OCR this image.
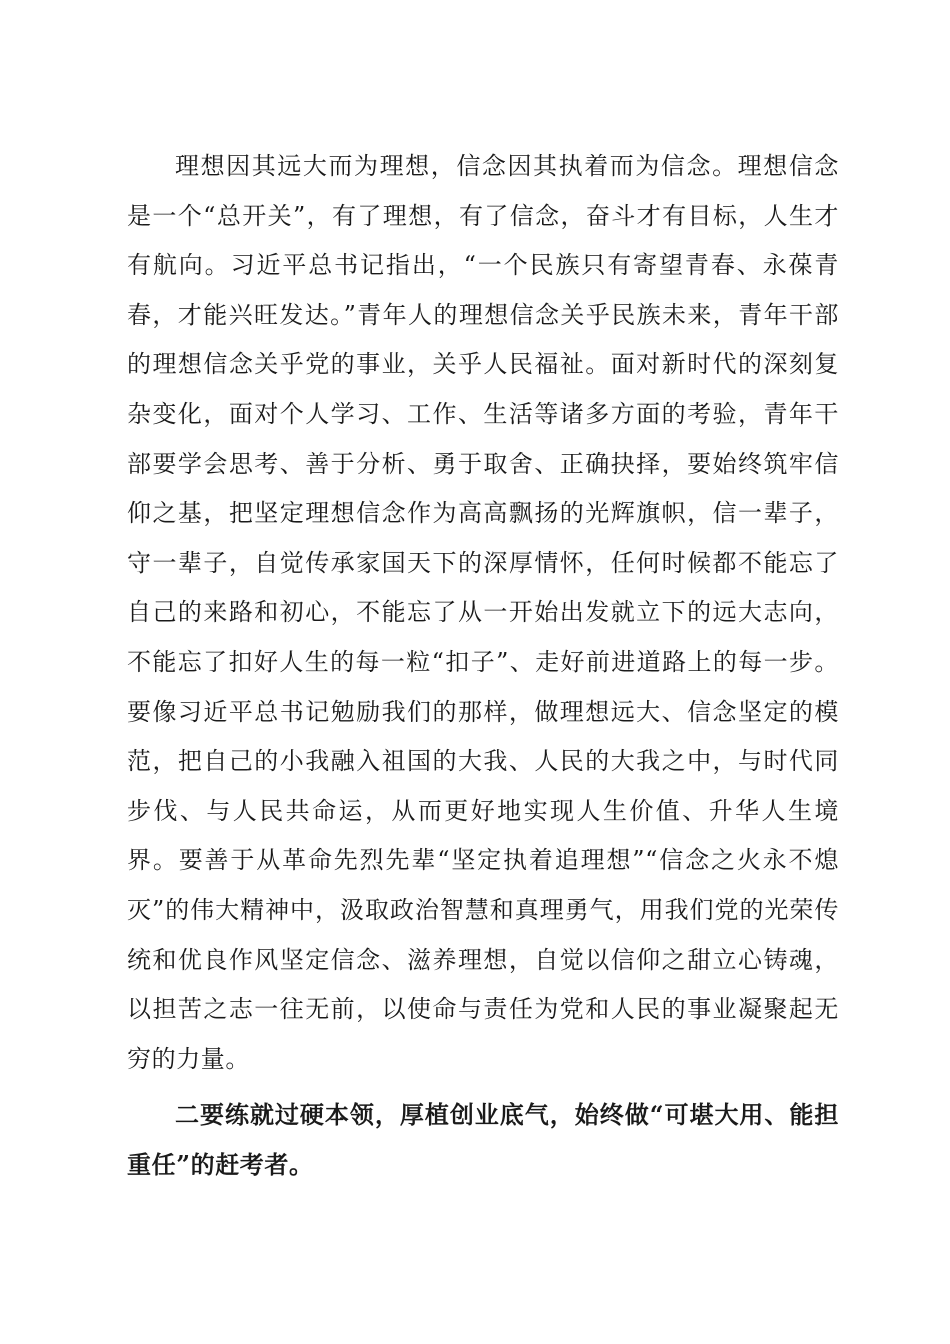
理想因其远大而为理想，信念因其执着而为信念。理想信念是一个“总开关”，有了理想，有了信念，奋斗才有目标，人生才有航向。习近平总书记指出，“一个民族只有寄望青春、永葆青春，才能兴旺发达。”青年人的理想信念关乎民族未来，青年干部的理想信念关乎党的事业，关乎人民福祉。面对新时代的深刻复杂变化，面对个人学习、工作、生活等诸多方面的考验，青年干部要学会思考、善于分析、勇于取舍、正确抉择，要始终筑牢信仰之基，把坚定理想信念作为高高飘扬的光辉旗帜，信一辈子，守一辈子，自觉传承家国天下的深厚情怀，任何时候都不能忘了自己的来路和初心，不能忘了从一开始出发就立下的远大志向，不能忘了扣好人生的每一粒“扣子”、走好前进道路上的每一步。要像习近平总书记勉励我们的那样，做理想远大、信念坚定的模范，把自己的小我融入祖国的大我、人民的大我之中，与时代同步伐、与人民共命运，从而更好地实现人生价值、升华人生境界。要善于从革命先烈先辈“坚定执着追理想”“信念之火永不熄灭”的伟大精神中，汲取政治智慧和真理勇气，用我们党的光荣传统和优良作风坚定信念、滋养理想，自觉以信仰之甜立心铸魂，以担苦之志一往无前，以使命与责任为党和人民的事业凝聚起无穷的力量。

二要练就过硬本领，厚植创业底气，始终做“可堪大用、能担重任”的赶考者。
